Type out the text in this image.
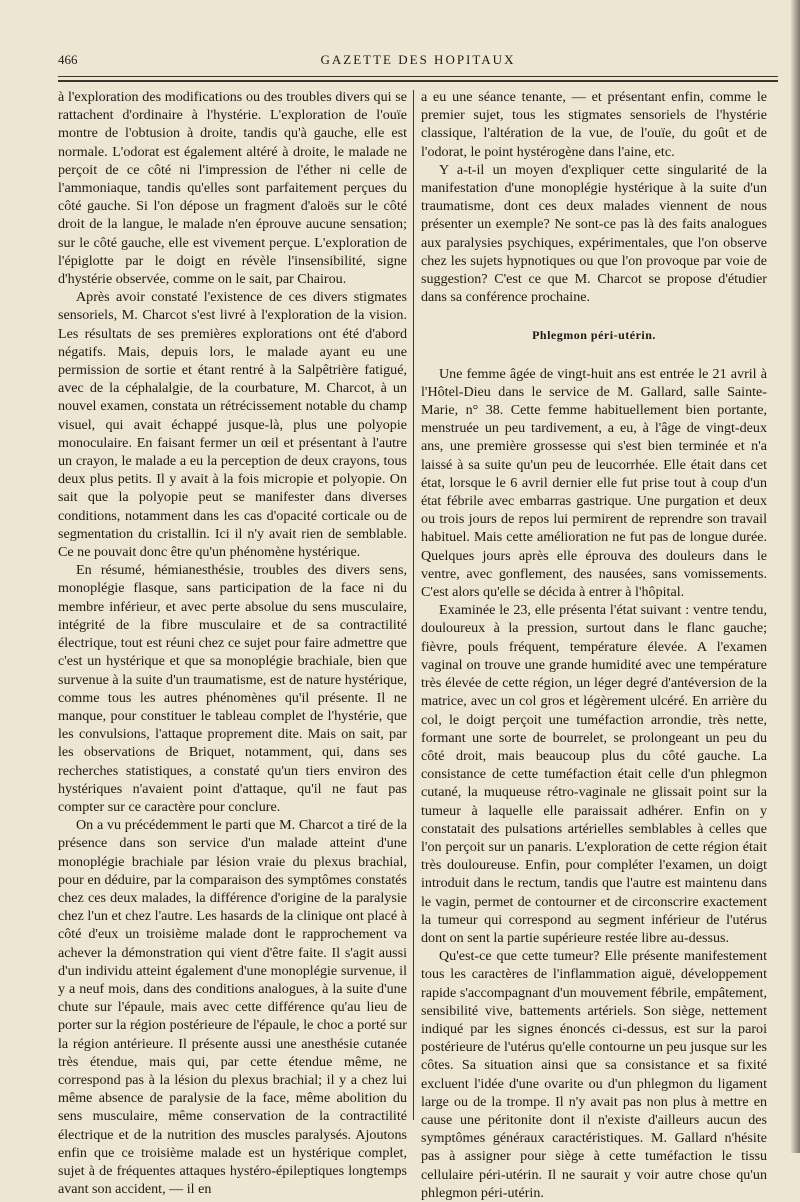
466	GAZETTE DES HOPITAUX

à l'exploration des modifications ou des troubles divers qui se rattachent d'ordinaire à l'hystérie. L'exploration de l'ouïe montre de l'obtusion à droite, tandis qu'à gauche, elle est normale. L'odorat est également altéré à droite, le malade ne perçoit de ce côté ni l'impression de l'éther ni celle de l'ammoniaque, tandis qu'elles sont parfaitement perçues du côté gauche. Si l'on dépose un fragment d'aloës sur le côté droit de la langue, le malade n'en éprouve aucune sensation; sur le côté gauche, elle est vivement perçue. L'exploration de l'épiglotte par le doigt en révèle l'insensibilité, signe d'hystérie observée, comme on le sait, par Chairou.

Après avoir constaté l'existence de ces divers stigmates sensoriels, M. Charcot s'est livré à l'exploration de la vision. Les résultats de ses premières explorations ont été d'abord négatifs. Mais, depuis lors, le malade ayant eu une permission de sortie et étant rentré à la Salpêtrière fatigué, avec de la céphalalgie, de la courbature, M. Charcot, à un nouvel examen, constata un rétrécissement notable du champ visuel, qui avait échappé jusque-là, plus une polyopie monoculaire. En faisant fermer un œil et présentant à l'autre un crayon, le malade a eu la perception de deux crayons, tous deux plus petits. Il y avait à la fois micropie et polyopie. On sait que la polyopie peut se manifester dans diverses conditions, notamment dans les cas d'opacité corticale ou de segmentation du cristallin. Ici il n'y avait rien de semblable. Ce ne pouvait donc être qu'un phénomène hystérique.

En résumé, hémianesthésie, troubles des divers sens, monoplégie flasque, sans participation de la face ni du membre inférieur, et avec perte absolue du sens musculaire, intégrité de la fibre musculaire et de sa contractilité électrique, tout est réuni chez ce sujet pour faire admettre que c'est un hystérique et que sa monoplégie brachiale, bien que survenue à la suite d'un traumatisme, est de nature hystérique, comme tous les autres phénomènes qu'il présente. Il ne manque, pour constituer le tableau complet de l'hystérie, que les convulsions, l'attaque proprement dite. Mais on sait, par les observations de Briquet, notamment, qui, dans ses recherches statistiques, a constaté qu'un tiers environ des hystériques n'avaient point d'attaque, qu'il ne faut pas compter sur ce caractère pour conclure.

On a vu précédemment le parti que M. Charcot a tiré de la présence dans son service d'un malade atteint d'une monoplégie brachiale par lésion vraie du plexus brachial, pour en déduire, par la comparaison des symptômes constatés chez ces deux malades, la différence d'origine de la paralysie chez l'un et chez l'autre. Les hasards de la clinique ont placé à côté d'eux un troisième malade dont le rapprochement va achever la démonstration qui vient d'être faite. Il s'agit aussi d'un individu atteint également d'une monoplégie survenue, il y a neuf mois, dans des conditions analogues, à la suite d'une chute sur l'épaule, mais avec cette différence qu'au lieu de porter sur la région postérieure de l'épaule, le choc a porté sur la région antérieure. Il présente aussi une anesthésie cutanée très étendue, mais qui, par cette étendue même, ne correspond pas à la lésion du plexus brachial; il y a chez lui même absence de paralysie de la face, même abolition du sens musculaire, même conservation de la contractilité électrique et de la nutrition des muscles paralysés. Ajoutons enfin que ce troisième malade est un hystérique complet, sujet à de fréquentes attaques hystéro-épileptiques longtemps avant son accident, — il en

a eu une séance tenante, — et présentant enfin, comme le premier sujet, tous les stigmates sensoriels de l'hystérie classique, l'altération de la vue, de l'ouïe, du goût et de l'odorat, le point hystérogène dans l'aine, etc.

Y a-t-il un moyen d'expliquer cette singularité de la manifestation d'une monoplégie hystérique à la suite d'un traumatisme, dont ces deux malades viennent de nous présenter un exemple? Ne sont-ce pas là des faits analogues aux paralysies psychiques, expérimentales, que l'on observe chez les sujets hypnotiques ou que l'on provoque par voie de suggestion? C'est ce que M. Charcot se propose d'étudier dans sa conférence prochaine.

Phlegmon péri-utérin.

Une femme âgée de vingt-huit ans est entrée le 21 avril à l'Hôtel-Dieu dans le service de M. Gallard, salle Sainte-Marie, n° 38. Cette femme habituellement bien portante, menstruée un peu tardivement, a eu, à l'âge de vingt-deux ans, une première grossesse qui s'est bien terminée et n'a laissé à sa suite qu'un peu de leucorrhée. Elle était dans cet état, lorsque le 6 avril dernier elle fut prise tout à coup d'un état fébrile avec embarras gastrique. Une purgation et deux ou trois jours de repos lui permirent de reprendre son travail habituel. Mais cette amélioration ne fut pas de longue durée. Quelques jours après elle éprouva des douleurs dans le ventre, avec gonflement, des nausées, sans vomissements. C'est alors qu'elle se décida à entrer à l'hôpital.

Examinée le 23, elle présenta l'état suivant : ventre tendu, douloureux à la pression, surtout dans le flanc gauche; fièvre, pouls fréquent, température élevée. A l'examen vaginal on trouve une grande humidité avec une température très élevée de cette région, un léger degré d'antéversion de la matrice, avec un col gros et légèrement ulcéré. En arrière du col, le doigt perçoit une tuméfaction arrondie, très nette, formant une sorte de bourrelet, se prolongeant un peu du côté droit, mais beaucoup plus du côté gauche. La consistance de cette tuméfaction était celle d'un phlegmon cutané, la muqueuse rétro-vaginale ne glissait point sur la tumeur à laquelle elle paraissait adhérer. Enfin on y constatait des pulsations artérielles semblables à celles que l'on perçoit sur un panaris. L'exploration de cette région était très douloureuse. Enfin, pour compléter l'examen, un doigt introduit dans le rectum, tandis que l'autre est maintenu dans le vagin, permet de contourner et de circonscrire exactement la tumeur qui correspond au segment inférieur de l'utérus dont on sent la partie supérieure restée libre au-dessus.

Qu'est-ce que cette tumeur? Elle présente manifestement tous les caractères de l'inflammation aiguë, développement rapide s'accompagnant d'un mouvement fébrile, empâtement, sensibilité vive, battements artériels. Son siège, nettement indiqué par les signes énoncés ci-dessus, est sur la paroi postérieure de l'utérus qu'elle contourne un peu jusque sur les côtes. Sa situation ainsi que sa consistance et sa fixité excluent l'idée d'une ovarite ou d'un phlegmon du ligament large ou de la trompe. Il n'y avait pas non plus à mettre en cause une péritonite dont il n'existe d'ailleurs aucun des symptômes généraux caractéristiques. M. Gallard n'hésite pas à assigner pour siège à cette tuméfaction le tissu cellulaire péri-utérin. Il ne saurait y voir autre chose qu'un phlegmon péri-utérin.
